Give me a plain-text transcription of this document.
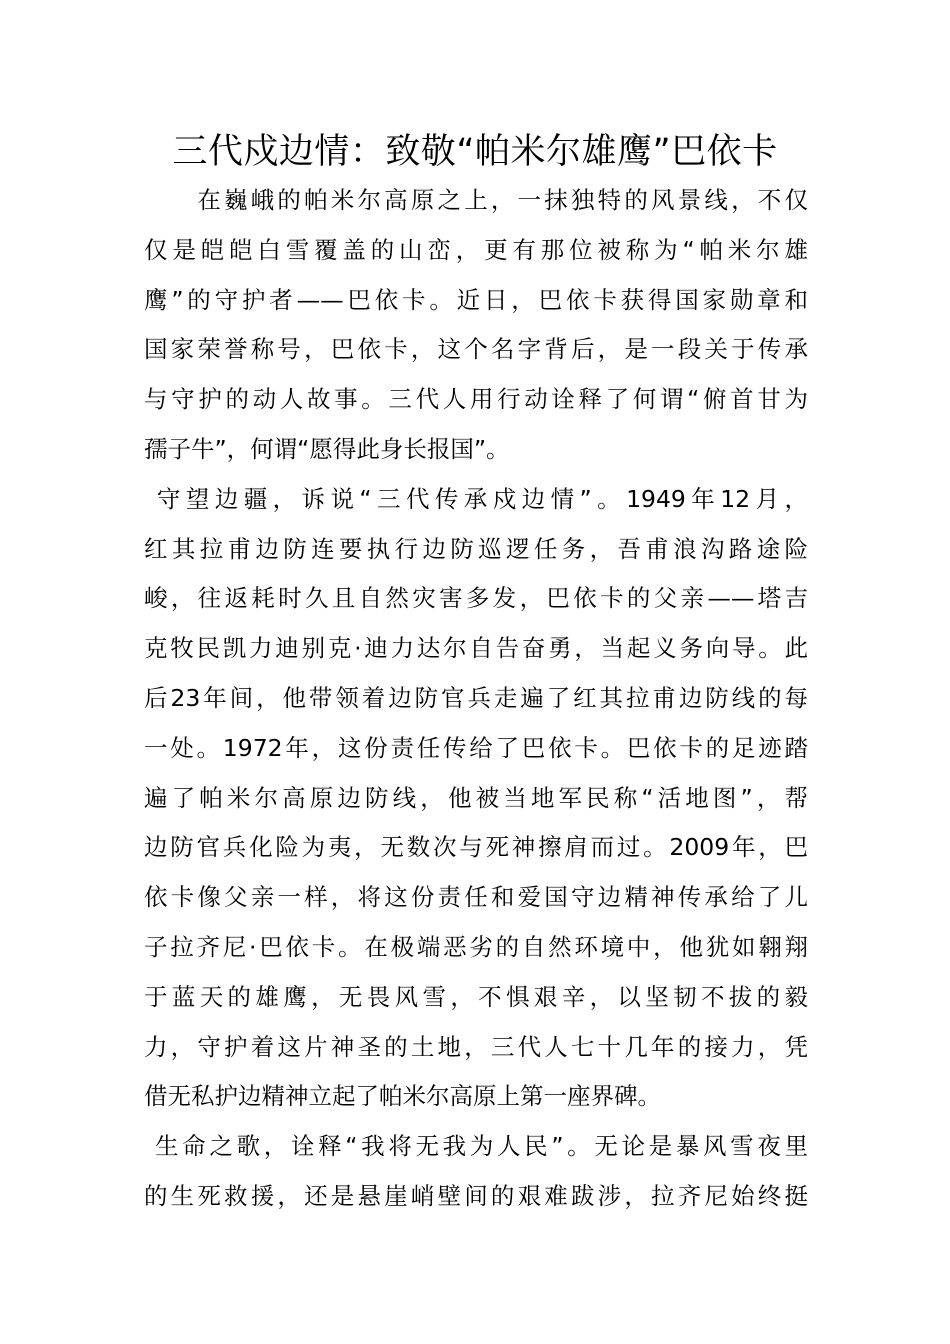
三代戍边情：致敬“帕米尔雄鹰”巴依卡
　　在巍峨的帕米尔高原之上，一抹独特的风景线，不仅
仅是皑皑白雪覆盖的山峦，更有那位被称为“帕米尔雄
鹰”的守护者——巴依卡。近日，巴依卡获得国家勋章和
国家荣誉称号，巴依卡，这个名字背后，是一段关于传承
与守护的动人故事。三代人用行动诠释了何谓“俯首甘为
孺子牛”，何谓“愿得此身长报国”。
守望边疆，诉说“三代传承戍边情”。1949年12月，
红其拉甫边防连要执行边防巡逻任务，吾甫浪沟路途险
峻，往返耗时久且自然灾害多发，巴依卡的父亲——塔吉
克牧民凯力迪别克·迪力达尔自告奋勇，当起义务向导。此
后23年间，他带领着边防官兵走遍了红其拉甫边防线的每
一处。1972年，这份责任传给了巴依卡。巴依卡的足迹踏
遍了帕米尔高原边防线，他被当地军民称“活地图”，帮
边防官兵化险为夷，无数次与死神擦肩而过。2009年，巴
依卡像父亲一样，将这份责任和爱国守边精神传承给了儿
子拉齐尼·巴依卡。在极端恶劣的自然环境中，他犹如翱翔
于蓝天的雄鹰，无畏风雪，不惧艰辛，以坚韧不拔的毅
力，守护着这片神圣的土地，三代人七十几年的接力，凭
借无私护边精神立起了帕米尔高原上第一座界碑。
生命之歌，诠释“我将无我为人民”。无论是暴风雪夜里
的生死救援，还是悬崖峭壁间的艰难跋涉，拉齐尼始终挺
